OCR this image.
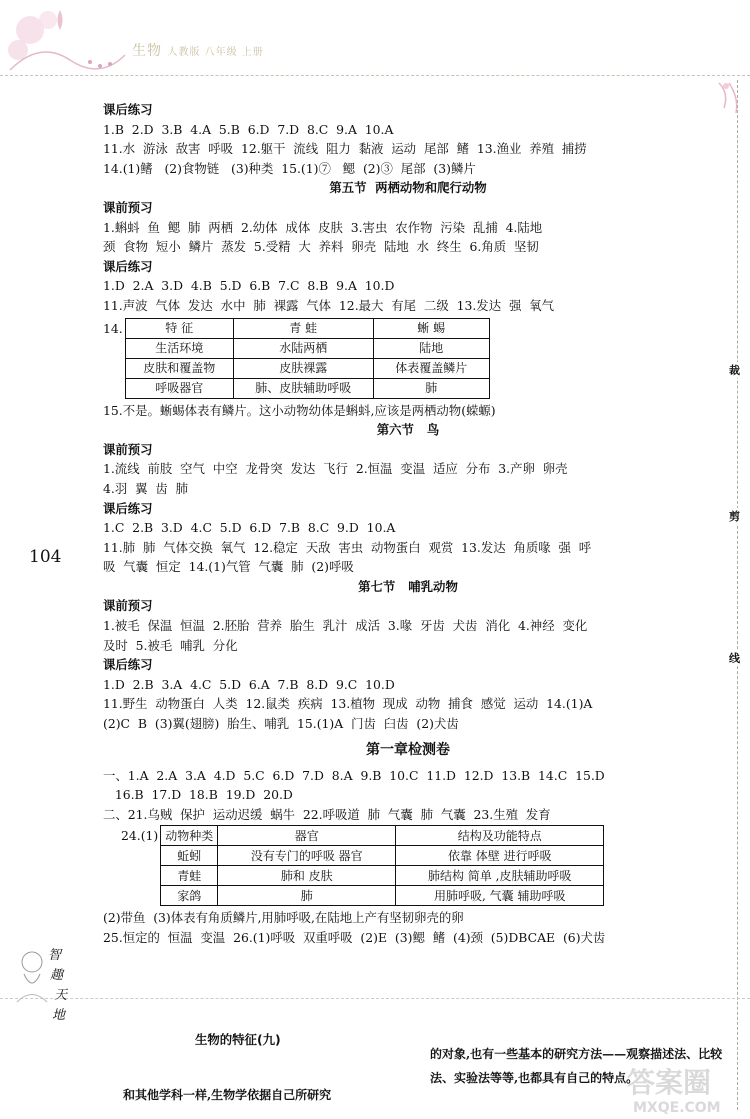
生物 人教版 八年级 上册
裁
剪
线
104
课后练习
1.B  2.D  3.B  4.A  5.B  6.D  7.D  8.C  9.A  10.A
11.水  游泳  敌害  呼吸  12.躯干  流线  阻力  黏液  运动  尾部  鳍  13.渔业  养殖  捕捞
14.(1)鳍   (2)食物链   (3)种类  15.(1)⑦   鳃  (2)③  尾部  (3)鳞片
第五节  两栖动物和爬行动物
课前预习
1.蝌蚪  鱼  鳃  肺  两栖  2.幼体  成体  皮肤  3.害虫  农作物  污染  乱捕  4.陆地
颈  食物  短小  鳞片  蒸发  5.受精  大  养料  卵壳  陆地  水  终生  6.角质  坚韧
课后练习
1.D  2.A  3.D  4.B  5.D  6.B  7.C  8.B  9.A  10.D
11.声波  气体  发达  水中  肺  裸露  气体  12.最大  有尾  二级  13.发达  强  氧气
14.	特 征	青 蛙	蜥 蜴
生活环境	水陆两栖	陆地
皮肤和覆盖物	皮肤裸露	体表覆盖鳞片
呼吸器官	肺、皮肤辅助呼吸	肺
15.不是。蜥蜴体表有鳞片。这小动物幼体是蝌蚪,应该是两栖动物(蝾螈)
第六节   鸟
课前预习
1.流线  前肢  空气  中空  龙骨突  发达  飞行  2.恒温  变温  适应  分布  3.产卵  卵壳
4.羽  翼  齿  肺
课后练习
1.C  2.B  3.D  4.C  5.D  6.D  7.B  8.C  9.D  10.A
11.肺  肺  气体交换  氧气  12.稳定  天敌  害虫  动物蛋白  观赏  13.发达  角质喙  强  呼
吸  气囊  恒定  14.(1)气管  气囊  肺  (2)呼吸
第七节   哺乳动物
课前预习
1.被毛  保温  恒温  2.胚胎  营养  胎生  乳汁  成活  3.喙  牙齿  犬齿  消化  4.神经  变化
及时  5.被毛  哺乳  分化
课后练习
1.D  2.B  3.A  4.C  5.D  6.A  7.B  8.D  9.C  10.D
11.野生  动物蛋白  人类  12.鼠类  疾病  13.植物  现成  动物  捕食  感觉  运动  14.(1)A
(2)C  B  (3)翼(翅膀)  胎生、哺乳  15.(1)A  门齿  臼齿  (2)犬齿
第一章检测卷
一、1.A  2.A  3.A  4.D  5.C  6.D  7.D  8.A  9.B  10.C  11.D  12.D  13.B  14.C  15.D
16.B  17.D  18.B  19.D  20.D
二、21.乌贼  保护  运动迟缓  蜗牛  22.呼吸道  肺  气囊  肺  气囊  23.生殖  发育
24.(1) 动物种类	器官	结构及功能特点
蚯蚓	没有专门的呼吸 器官	依靠 体壁 进行呼吸
青蛙	肺和 皮肤	肺结构 简单 ,皮肤辅助呼吸
家鸽	肺	用肺呼吸, 气囊 辅助呼吸
(2)带鱼  (3)体表有角质鳞片,用肺呼吸,在陆地上产有坚韧卵壳的卵
25.恒定的  恒温  变温  26.(1)呼吸  双重呼吸  (2)E  (3)鳃  鳍  (4)颈  (5)DBCAE  (6)犬齿
智
趣
天
地
生物的特征(九)
和其他学科一样,生物学依据自己所研究
的对象,也有一些基本的研究方法——观察描述法、比较法、实验法等等,也都具有自己的特点。
答案圈
MXQE.COM
